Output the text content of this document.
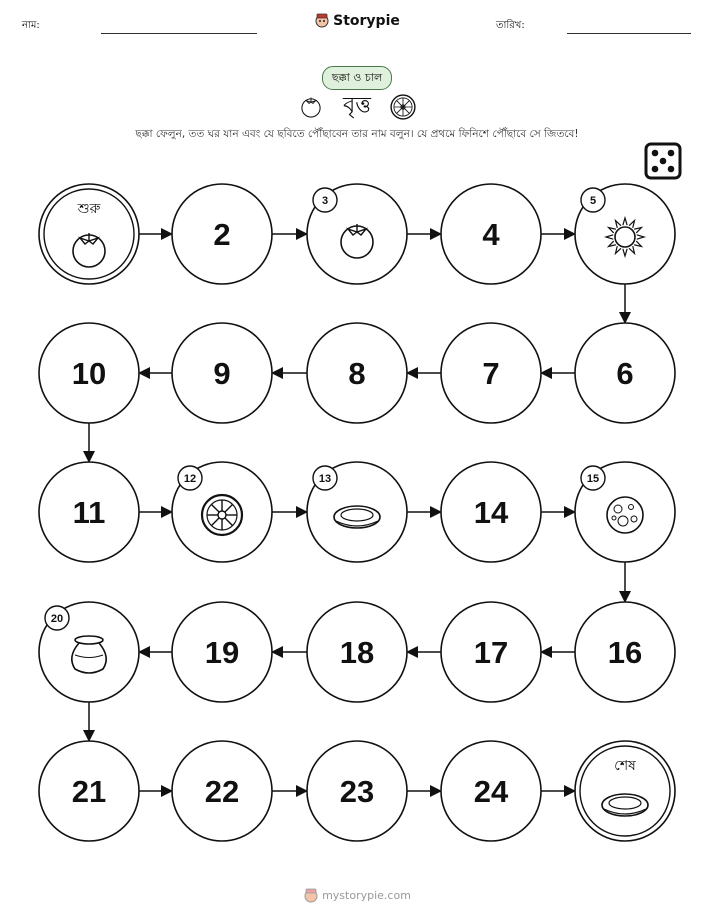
নাম:	Storypie	তারিখ:
ছক্কা ও চাল
বৃত্ত
ছক্কা ফেলুন, তত ঘর যান এবং যে ছবিতে পৌঁছাবেন তার নাম বলুন। যে প্রথমে ফিনিশে পৌঁছাবে সে জিতবে!
শুরু
2
3
4
5
6
7
8
9
10
11
12	13
14
15
16
17
18
19
20
21	22	23	24
শেষ
mystorypie.com
